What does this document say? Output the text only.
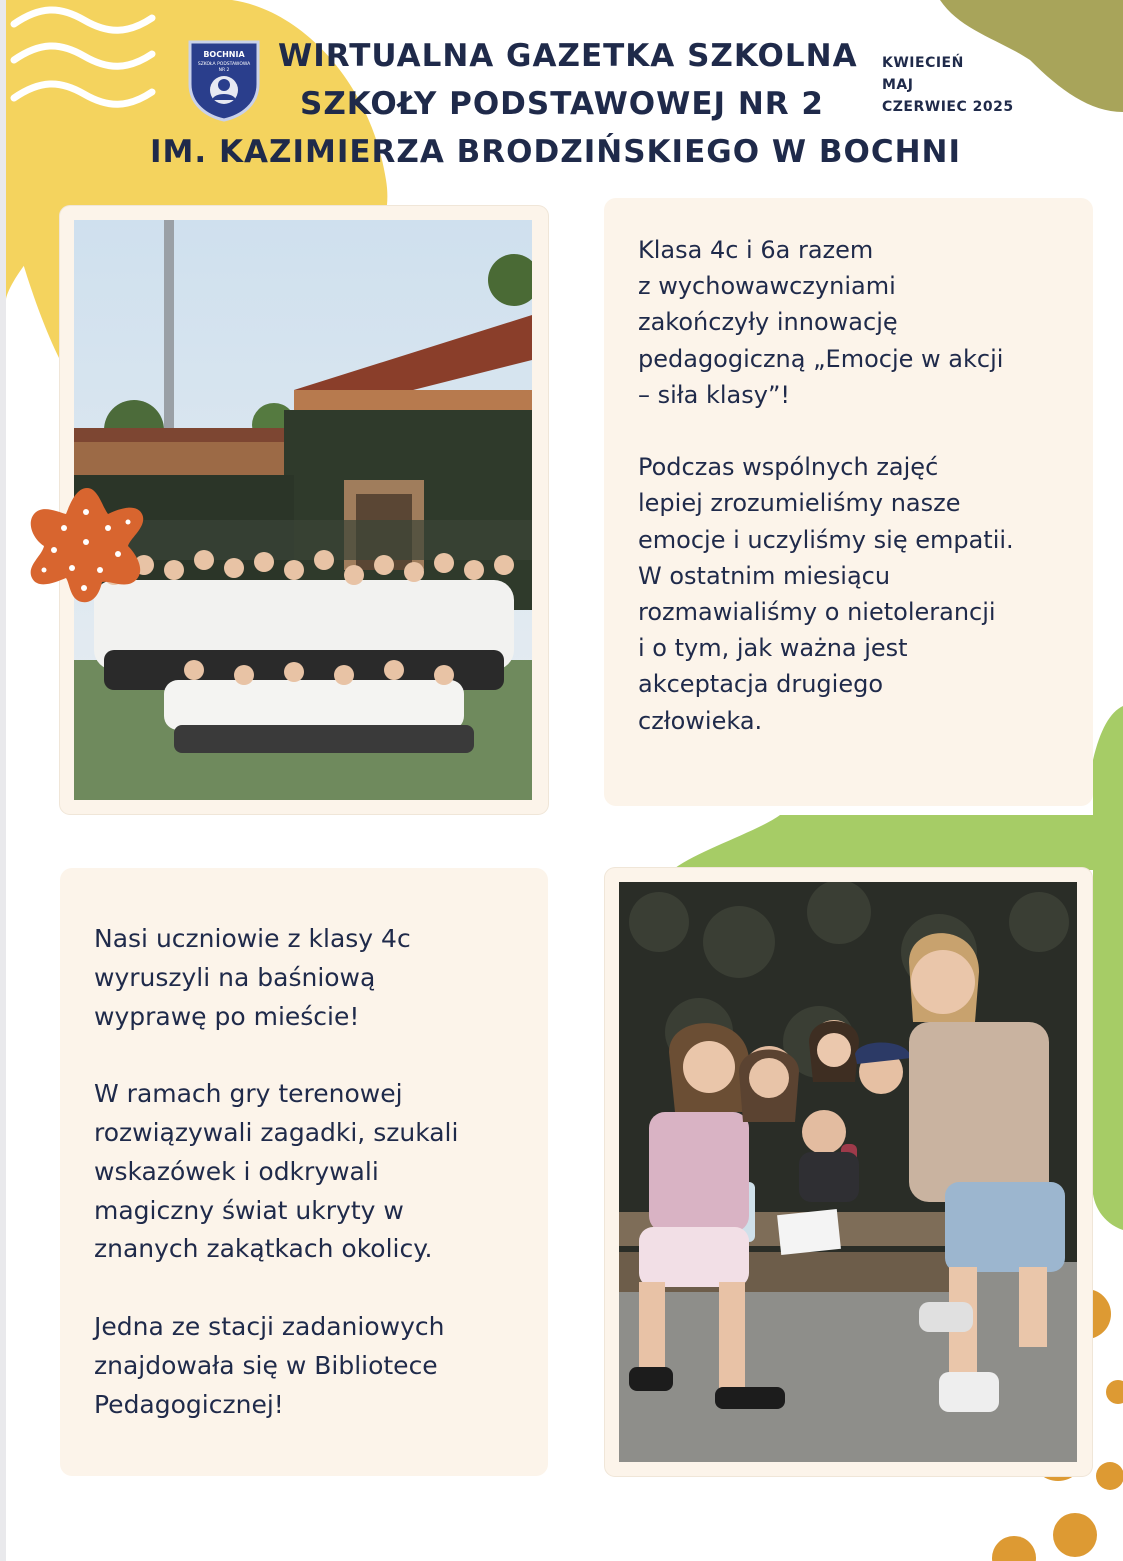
BOCHNIA
SZKOŁA PODSTAWOWA
NR 2 WIRTUALNA GAZETKA SZKOLNA
SZKOŁY PODSTAWOWEJ NR 2
IM. KAZIMIERZA BRODZIŃSKIEGO W BOCHNI
KWIECIEŃ
MAJ
CZERWIEC 2025
Klasa 4c i 6a razem
z wychowawczyniami
zakończyły innowację
pedagogiczną „Emocje w akcji
– siła klasy”!

Podczas wspólnych zajęć
lepiej zrozumieliśmy nasze
emocje i uczyliśmy się empatii.
W ostatnim miesiącu
rozmawialiśmy o nietolerancji
i o tym, jak ważna jest
akceptacja drugiego
człowieka.
Nasi uczniowie z klasy 4c
wyruszyli na baśniową
wyprawę po mieście!

W ramach gry terenowej
rozwiązywali zagadki, szukali
wskazówek i odkrywali
magiczny świat ukryty w
znanych zakątkach okolicy.

Jedna ze stacji zadaniowych
znajdowała się w Bibliotece
Pedagogicznej!
